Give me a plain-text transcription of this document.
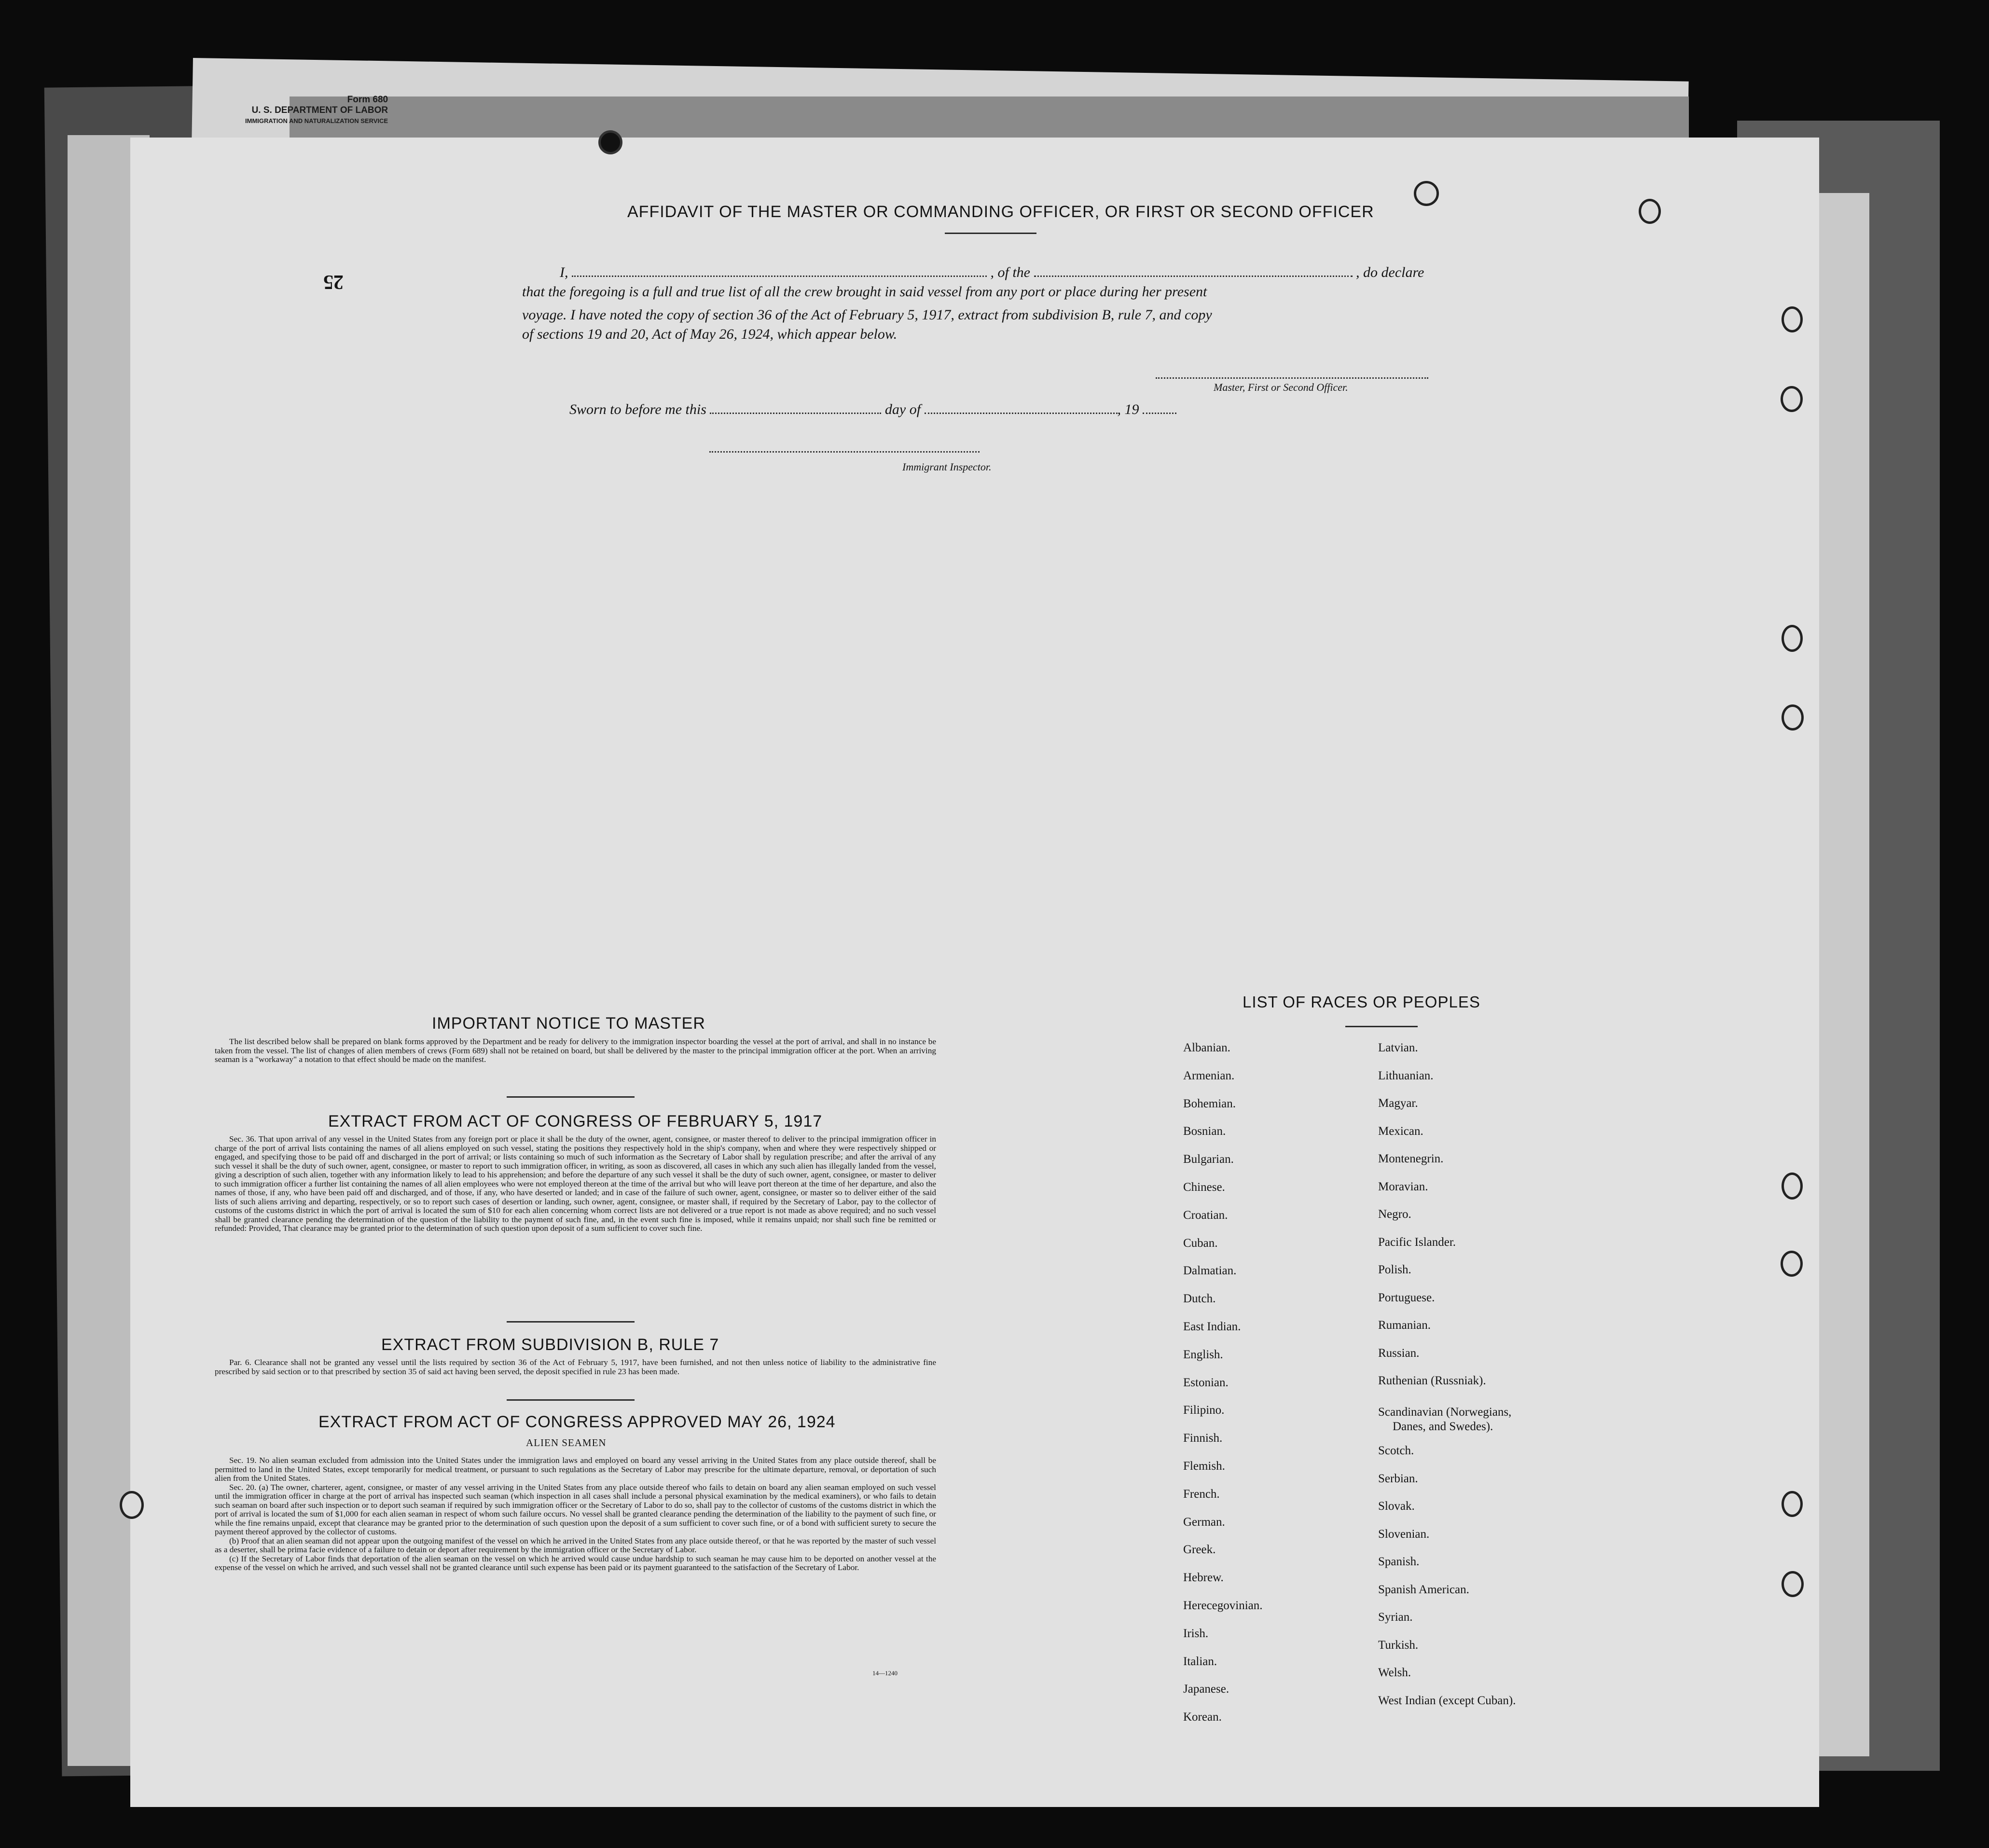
Form 680
U. S. DEPARTMENT OF LABOR
IMMIGRATION AND NATURALIZATION SERVICE
25
AFFIDAVIT OF THE MASTER OR COMMANDING OFFICER, OR FIRST OR SECOND OFFICER
I,	, of the	, do declare
that the foregoing is a full and true list of all the crew brought in said vessel from any port or place during her present
voyage. I have noted the copy of section 36 of the Act of February 5, 1917, extract from subdivision B, rule 7, and copy
of sections 19 and 20, Act of May 26, 1924, which appear below.
Master, First or Second Officer.
Sworn to before me this	day of	, 19
Immigrant Inspector.
IMPORTANT NOTICE TO MASTER

The list described below shall be prepared on blank forms approved by the Department and be ready for delivery to the immigration inspector boarding the vessel at the port of arrival, and shall in no instance be taken from the vessel. The list of changes of alien members of crews (Form 689) shall not be retained on board, but shall be delivered by the master to the principal immigration officer at the port. When an arriving seaman is a "workaway" a notation to that effect should be made on the manifest.

EXTRACT FROM ACT OF CONGRESS OF FEBRUARY 5, 1917

Sec. 36. That upon arrival of any vessel in the United States from any foreign port or place it shall be the duty of the owner, agent, consignee, or master thereof to deliver to the principal immigration officer in charge of the port of arrival lists containing the names of all aliens employed on such vessel, stating the positions they respectively hold in the ship's company, when and where they were respectively shipped or engaged, and specifying those to be paid off and discharged in the port of arrival; or lists containing so much of such information as the Secretary of Labor shall by regulation prescribe; and after the arrival of any such vessel it shall be the duty of such owner, agent, consignee, or master to report to such immigration officer, in writing, as soon as discovered, all cases in which any such alien has illegally landed from the vessel, giving a description of such alien, together with any information likely to lead to his apprehension; and before the departure of any such vessel it shall be the duty of such owner, agent, consignee, or master to deliver to such immigration officer a further list containing the names of all alien employees who were not employed thereon at the time of the arrival but who will leave port thereon at the time of her departure, and also the names of those, if any, who have been paid off and discharged, and of those, if any, who have deserted or landed; and in case of the failure of such owner, agent, consignee, or master so to deliver either of the said lists of such aliens arriving and departing, respectively, or so to report such cases of desertion or landing, such owner, agent, consignee, or master shall, if required by the Secretary of Labor, pay to the collector of customs of the customs district in which the port of arrival is located the sum of $10 for each alien concerning whom correct lists are not delivered or a true report is not made as above required; and no such vessel shall be granted clearance pending the determination of the question of the liability to the payment of such fine, and, in the event such fine is imposed, while it remains unpaid; nor shall such fine be remitted or refunded: Provided, That clearance may be granted prior to the determination of such question upon deposit of a sum sufficient to cover such fine.

EXTRACT FROM SUBDIVISION B, RULE 7

Par. 6. Clearance shall not be granted any vessel until the lists required by section 36 of the Act of February 5, 1917, have been furnished, and not then unless notice of liability to the administrative fine prescribed by said section or to that prescribed by section 35 of said act having been served, the deposit specified in rule 23 has been made.

EXTRACT FROM ACT OF CONGRESS APPROVED MAY 26, 1924
ALIEN SEAMEN

Sec. 19. No alien seaman excluded from admission into the United States under the immigration laws and employed on board any vessel arriving in the United States from any place outside thereof, shall be permitted to land in the United States, except temporarily for medical treatment, or pursuant to such regulations as the Secretary of Labor may prescribe for the ultimate departure, removal, or deportation of such alien from the United States.

Sec. 20. (a) The owner, charterer, agent, consignee, or master of any vessel arriving in the United States from any place outside thereof who fails to detain on board any alien seaman employed on such vessel until the immigration officer in charge at the port of arrival has inspected such seaman (which inspection in all cases shall include a personal physical examination by the medical examiners), or who fails to detain such seaman on board after such inspection or to deport such seaman if required by such immigration officer or the Secretary of Labor to do so, shall pay to the collector of customs of the customs district in which the port of arrival is located the sum of $1,000 for each alien seaman in respect of whom such failure occurs. No vessel shall be granted clearance pending the determination of the liability to the payment of such fine, or while the fine remains unpaid, except that clearance may be granted prior to the determination of such question upon the deposit of a sum sufficient to cover such fine, or of a bond with sufficient surety to secure the payment thereof approved by the collector of customs.

(b) Proof that an alien seaman did not appear upon the outgoing manifest of the vessel on which he arrived in the United States from any place outside thereof, or that he was reported by the master of such vessel as a deserter, shall be prima facie evidence of a failure to detain or deport after requirement by the immigration officer or the Secretary of Labor.

(c) If the Secretary of Labor finds that deportation of the alien seaman on the vessel on which he arrived would cause undue hardship to such seaman he may cause him to be deported on another vessel at the expense of the vessel on which he arrived, and such vessel shall not be granted clearance until such expense has been paid or its payment guaranteed to the satisfaction of the Secretary of Labor.

14—1240
LIST OF RACES OR PEOPLES
Albanian.
Armenian.
Bohemian.
Bosnian.
Bulgarian.
Chinese.
Croatian.
Cuban.
Dalmatian.
Dutch.
East Indian.
English.
Estonian.
Filipino.
Finnish.
Flemish.
French.
German.
Greek.
Hebrew.
Herecegovinian.
Irish.
Italian.
Japanese.
Korean.
Latvian.
Lithuanian.
Magyar.
Mexican.
Montenegrin.
Moravian.
Negro.
Pacific Islander.
Polish.
Portuguese.
Rumanian.
Russian.
Ruthenian (Russniak).
Scandinavian (Norwegians,
Danes, and Swedes).
Scotch.
Serbian.
Slovak.
Slovenian.
Spanish.
Spanish American.
Syrian.
Turkish.
Welsh.
West Indian (except Cuban).
